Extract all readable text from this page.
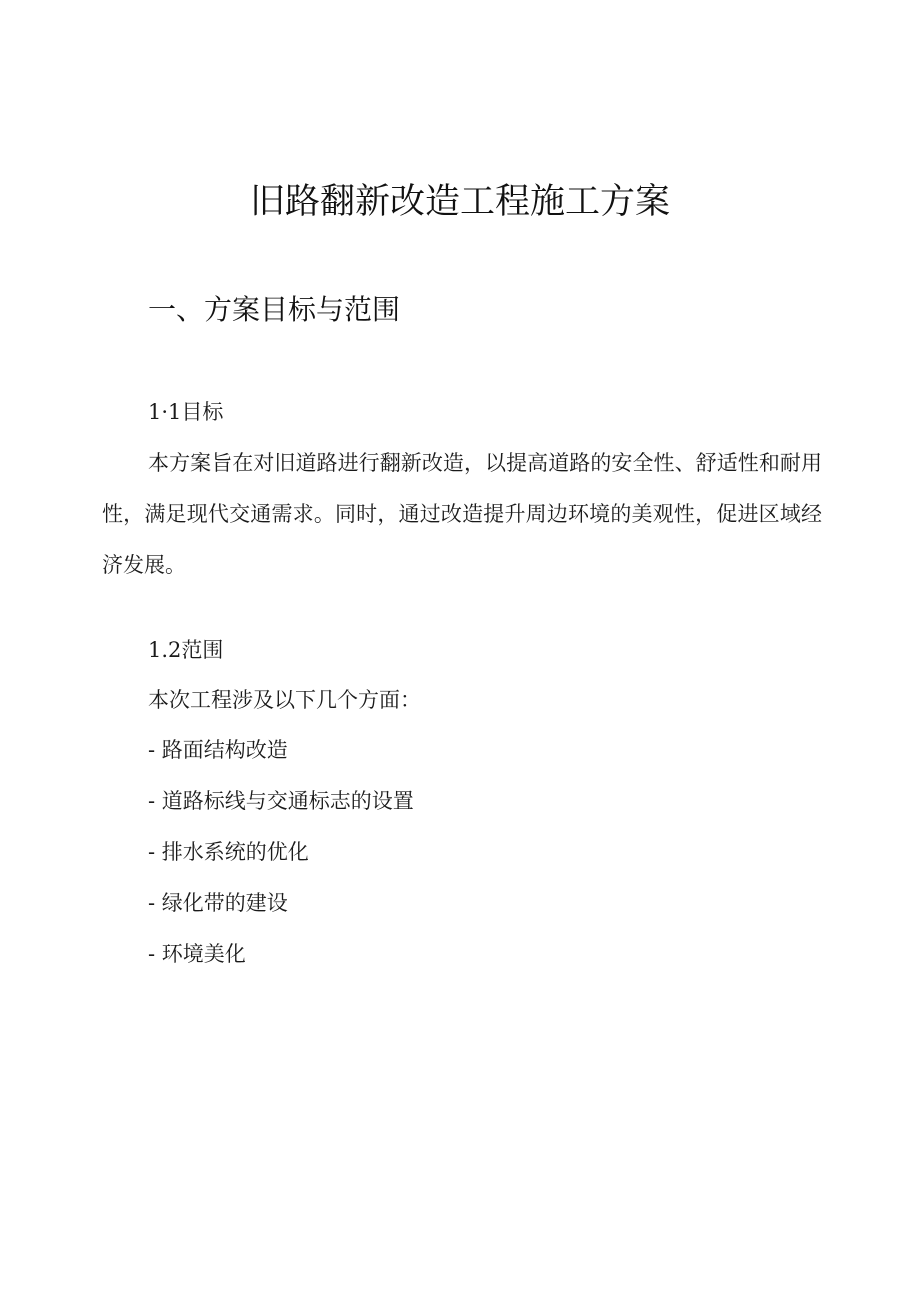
旧路翻新改造工程施工方案
一、方案目标与范围

1·1目标

本方案旨在对旧道路进行翻新改造，以提高道路的安全性、舒适性和耐用性，满足现代交通需求。同时，通过改造提升周边环境的美观性，促进区域经济发展。

1.2范围

本次工程涉及以下几个方面：

- 路面结构改造
- 道路标线与交通标志的设置
- 排水系统的优化
- 绿化带的建设
- 环境美化
